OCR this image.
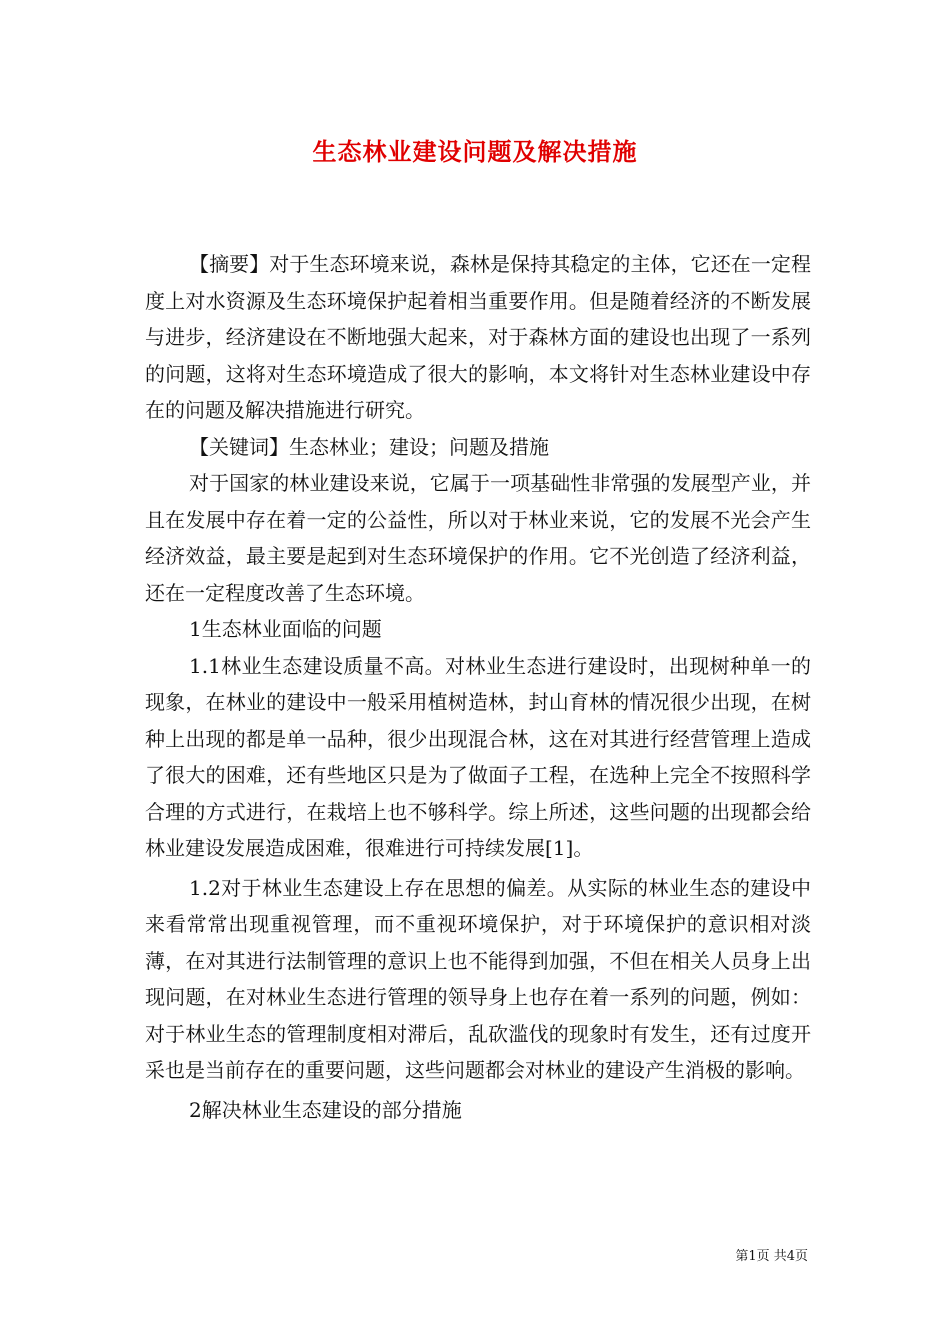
生态林业建设问题及解决措施

【摘要】对于生态环境来说，森林是保持其稳定的主体，它还在一定程度上对水资源及生态环境保护起着相当重要作用。但是随着经济的不断发展与进步，经济建设在不断地强大起来，对于森林方面的建设也出现了一系列的问题，这将对生态环境造成了很大的影响，本文将针对生态林业建设中存在的问题及解决措施进行研究。

【关键词】生态林业；建设；问题及措施

对于国家的林业建设来说，它属于一项基础性非常强的发展型产业，并且在发展中存在着一定的公益性，所以对于林业来说，它的发展不光会产生经济效益，最主要是起到对生态环境保护的作用。它不光创造了经济利益，还在一定程度改善了生态环境。

1生态林业面临的问题

1.1林业生态建设质量不高。对林业生态进行建设时，出现树种单一的现象，在林业的建设中一般采用植树造林，封山育林的情况很少出现，在树种上出现的都是单一品种，很少出现混合林，这在对其进行经营管理上造成了很大的困难，还有些地区只是为了做面子工程，在选种上完全不按照科学合理的方式进行，在栽培上也不够科学。综上所述，这些问题的出现都会给林业建设发展造成困难，很难进行可持续发展[1]。

1.2对于林业生态建设上存在思想的偏差。从实际的林业生态的建设中来看常常出现重视管理，而不重视环境保护，对于环境保护的意识相对淡薄，在对其进行法制管理的意识上也不能得到加强，不但在相关人员身上出现问题，在对林业生态进行管理的领导身上也存在着一系列的问题，例如：对于林业生态的管理制度相对滞后，乱砍滥伐的现象时有发生，还有过度开采也是当前存在的重要问题，这些问题都会对林业的建设产生消极的影响。

2解决林业生态建设的部分措施

第1页 共4页
